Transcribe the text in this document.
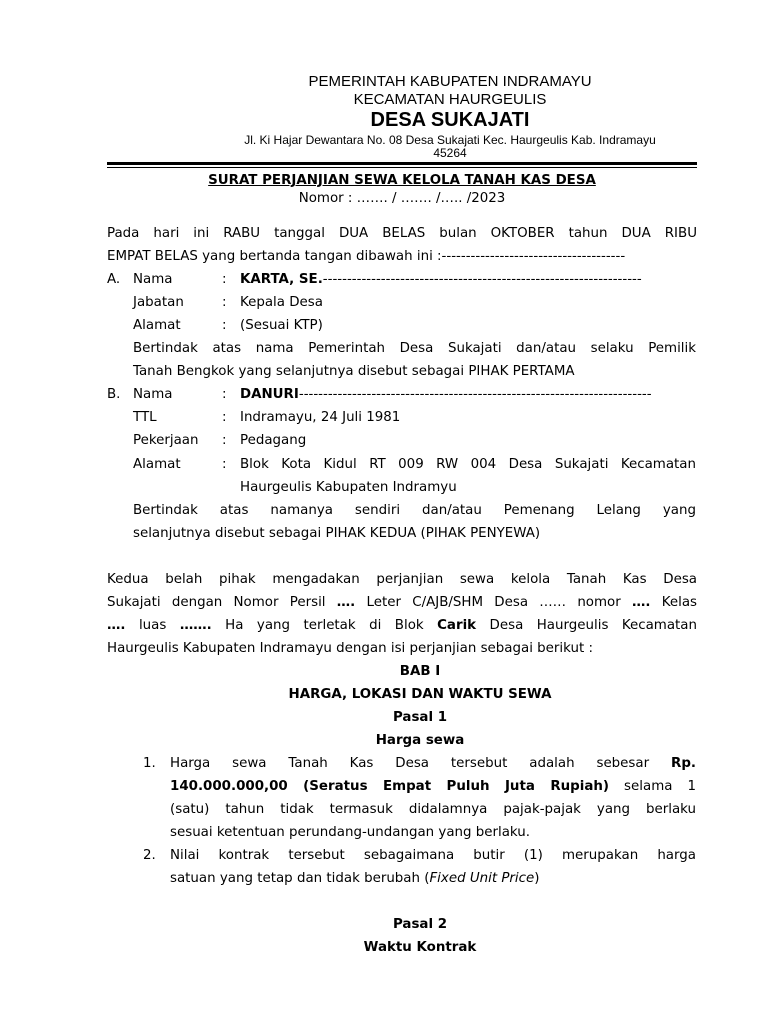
PEMERINTAH KABUPATEN INDRAMAYU
KECAMATAN HAURGEULIS
DESA SUKAJATI
Jl. Ki Hajar Dewantara No. 08 Desa Sukajati Kec. Haurgeulis Kab. Indramayu
45264
SURAT PERJANJIAN SEWA KELOLA TANAH KAS DESA
Nomor : ……. / ……. /….. /2023
Pada hari ini RABU tanggal DUA BELAS bulan OKTOBER tahun DUA RIBU
EMPAT BELAS yang bertanda tangan dibawah ini :--------------------------------------
A. Nama	: KARTA, SE.------------------------------------------------------------------
Jabatan	: Kepala Desa
Alamat	: (Sesuai KTP)
Bertindak atas nama Pemerintah Desa Sukajati dan/atau selaku Pemilik
Tanah Bengkok yang selanjutnya disebut sebagai PIHAK PERTAMA
B. Nama	: DANURI-------------------------------------------------------------------------
TTL	: Indramayu, 24 Juli 1981
Pekerjaan : Pedagang
Alamat	: Blok Kota Kidul RT 009 RW 004 Desa Sukajati Kecamatan
Haurgeulis Kabupaten Indramyu
Bertindak atas namanya sendiri dan/atau Pemenang Lelang yang
selanjutnya disebut sebagai PIHAK KEDUA (PIHAK PENYEWA)
Kedua belah pihak mengadakan perjanjian sewa kelola Tanah Kas Desa
Sukajati dengan Nomor Persil …. Leter C/AJB/SHM Desa …… nomor …. Kelas
…. luas ……. Ha yang terletak di Blok Carik Desa Haurgeulis Kecamatan
Haurgeulis Kabupaten Indramayu dengan isi perjanjian sebagai berikut :
BAB I
HARGA, LOKASI DAN WAKTU SEWA
Pasal 1
Harga sewa
1. Harga sewa Tanah Kas Desa tersebut adalah sebesar Rp.
140.000.000,00 (Seratus Empat Puluh Juta Rupiah) selama 1
(satu) tahun tidak termasuk didalamnya pajak-pajak yang berlaku
sesuai ketentuan perundang-undangan yang berlaku.
2. Nilai kontrak tersebut sebagaimana butir (1) merupakan harga
satuan yang tetap dan tidak berubah (Fixed Unit Price)
Pasal 2
Waktu Kontrak
